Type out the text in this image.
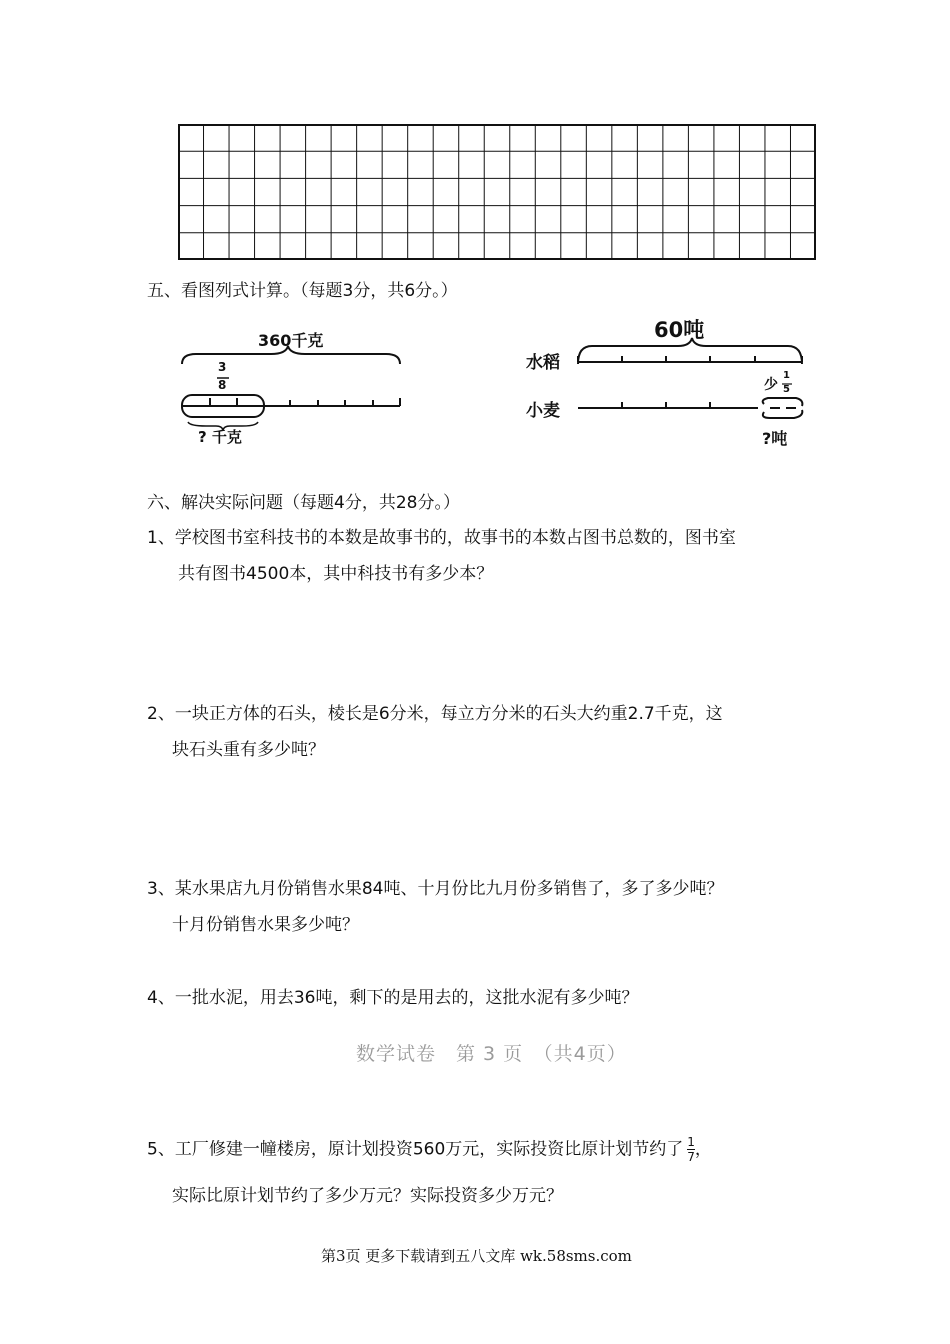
五、看图列式计算。（每题3分，共6分。）
360千克
3
8
? 千克
60吨
水稻
小麦
少
1
5
?吨
六、解决实际问题（每题4分，共28分。）
1、学校图书室科技书的本数是故事书的，故事书的本数占图书总数的，图书室
共有图书4500本，其中科技书有多少本？
2、一块正方体的石头，棱长是6分米，每立方分米的石头大约重2.7千克，这
块石头重有多少吨？
3、某水果店九月份销售水果84吨、十月份比九月份多销售了，多了多少吨？
十月份销售水果多少吨？
4、一批水泥，用去36吨，剩下的是用去的，这批水泥有多少吨？
数学试卷　第 3 页　（共4页）
5、工厂修建一幢楼房，原计划投资560万元，实际投资比原计划节约了 $\frac{1}{7}$ ，
实际比原计划节约了多少万元？实际投资多少万元？
第3页 更多下载请到五八文库 wk.58sms.com
